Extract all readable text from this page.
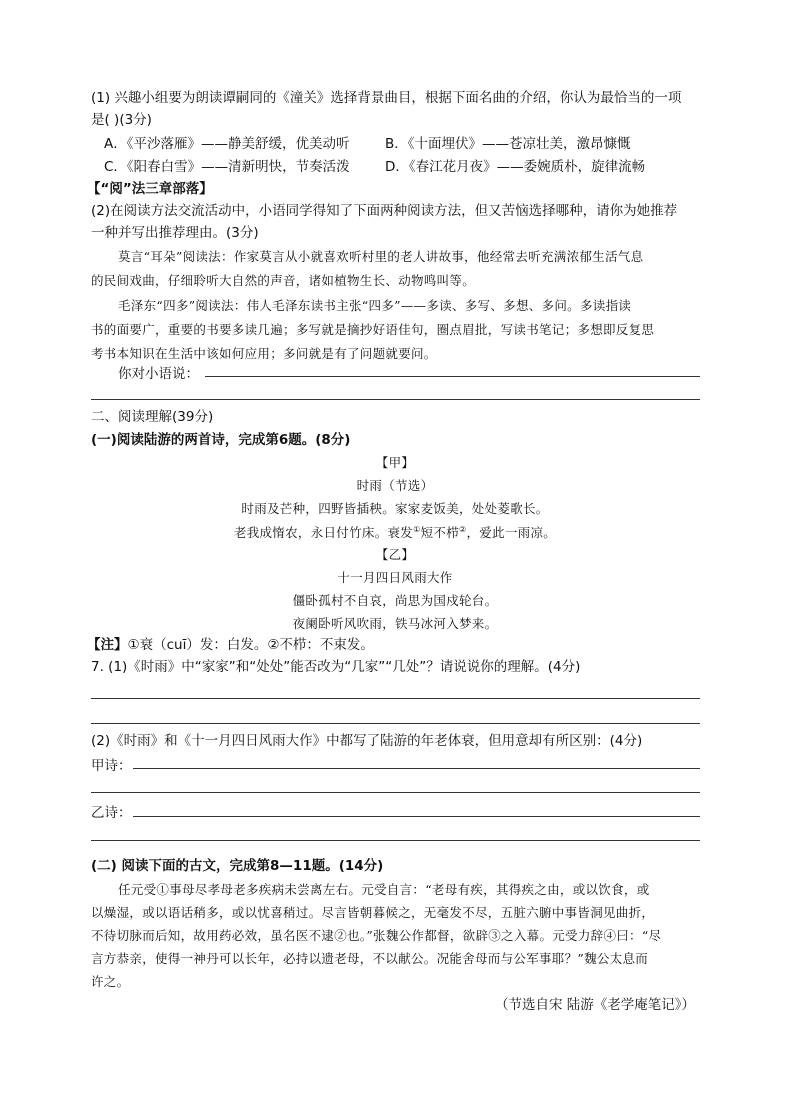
(1) 兴趣小组要为朗读谭嗣同的《潼关》选择背景曲目，根据下面名曲的介绍，你认为最恰当的一项
是( )(3分)
A．《平沙落雁》——静美舒缓，优美动听	B．《十面埋伏》——苍凉壮美，激昂慷慨
C．《阳春白雪》——清新明快，节奏活泼	D．《春江花月夜》——委婉质朴，旋律流畅
【“阅”法三章部落】
(2)在阅读方法交流活动中，小语同学得知了下面两种阅读方法，但又苦恼选择哪种，请你为她推荐
一种并写出推荐理由。(3分)
莫言“耳朵”阅读法：作家莫言从小就喜欢听村里的老人讲故事，他经常去听充满浓郁生活气息
的民间戏曲，仔细聆听大自然的声音，诸如植物生长、动物鸣叫等。
毛泽东“四多”阅读法：伟人毛泽东读书主张“四多”——多读、多写、多想、多问。多读指读
书的面要广，重要的书要多读几遍；多写就是摘抄好语佳句，圈点眉批，写读书笔记；多想即反复思
考书本知识在生活中该如何应用；多问就是有了问题就要问。
你对小语说：
二、阅读理解(39分)
(一)阅读陆游的两首诗，完成第6题。(8分)
【甲】
时雨（节选）
时雨及芒种，四野皆插秧。家家麦饭美，处处菱歌长。
老我成惰农，永日付竹床。衰发①短不栉②，爱此一雨凉。
【乙】
十一月四日风雨大作
僵卧孤村不自哀，尚思为国戍轮台。
夜阑卧听风吹雨，铁马冰河入梦来。
【注】①衰（cuī）发：白发。②不栉：不束发。
7. (1)《时雨》中“家家”和“处处”能否改为“几家”“几处”？请说说你的理解。(4分)
(2)《时雨》和《十一月四日风雨大作》中都写了陆游的年老体衰，但用意却有所区别：(4分)
甲诗：
乙诗：
(二) 阅读下面的古文，完成第8—11题。(14分)
任元受①事母尽孝母老多疾病未尝离左右。元受自言：“老母有疾，其得疾之由，或以饮食，或
以燥湿，或以语话稍多，或以忧喜稍过。尽言皆朝暮候之，无毫发不尽，五脏六腑中事皆洞见曲折，
不待切脉而后知，故用药必效，虽名医不逮②也。”张魏公作都督，欲辟③之入幕。元受力辞④曰：“尽
言方恭亲，使得一神丹可以长年，必持以遗老母，不以献公。况能舍母而与公军事耶？”魏公太息而
许之。
（节选自宋 陆游《老学庵笔记》）
